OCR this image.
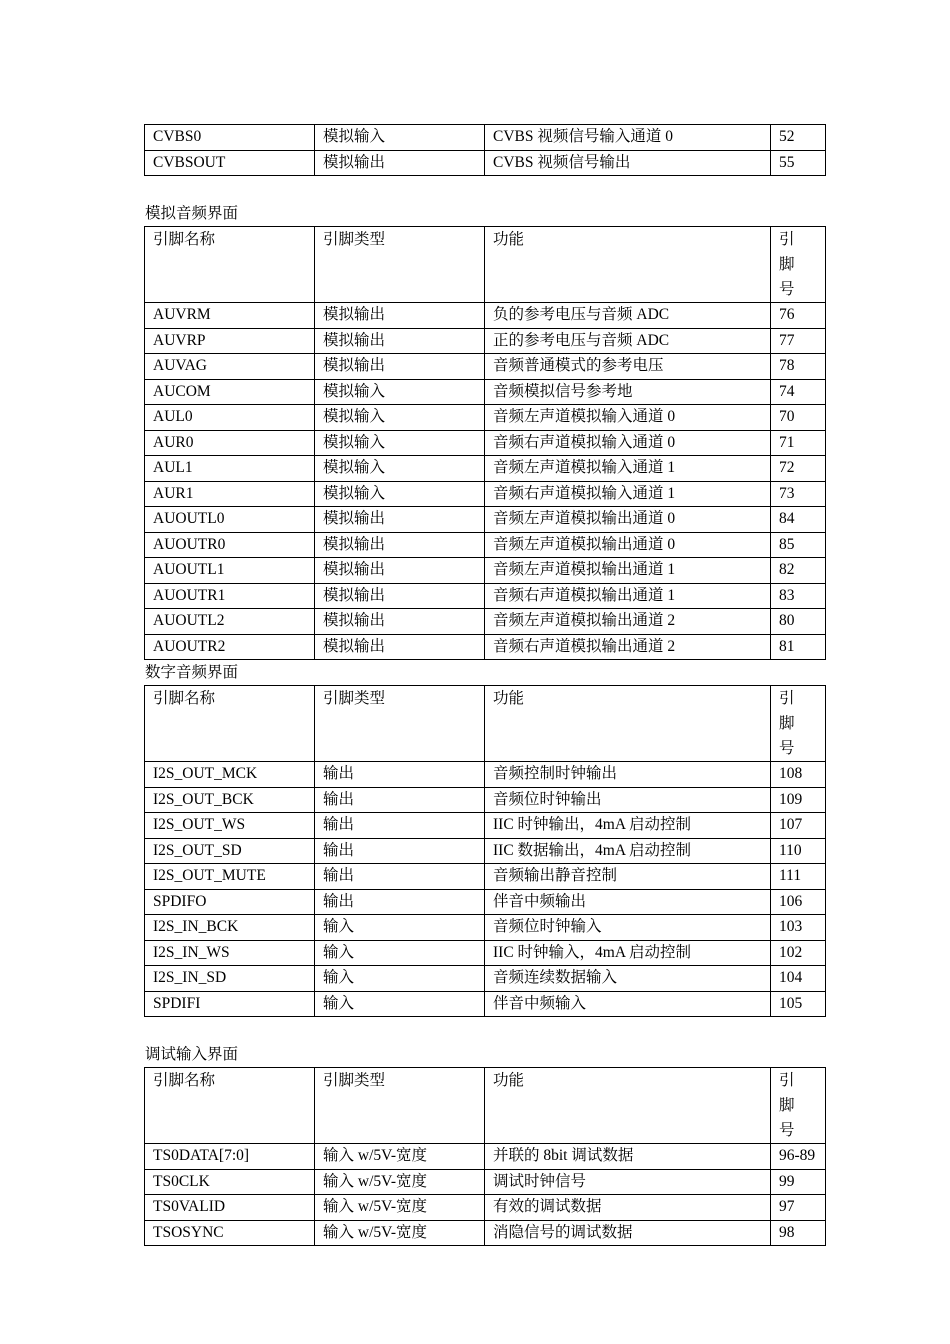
CVBS0	模拟输入	CVBS 视频信号输入通道 0	52
CVBSOUT	模拟输出	CVBS 视频信号输出	55
模拟音频界面
引脚名称	引脚类型	功能	引 脚 号
AUVRM	模拟输出	负的参考电压与音频 ADC	76
AUVRP	模拟输出	正的参考电压与音频 ADC	77
AUVAG	模拟输出	音频普通模式的参考电压	78
AUCOM	模拟输入	音频模拟信号参考地	74
AUL0	模拟输入	音频左声道模拟输入通道 0	70
AUR0	模拟输入	音频右声道模拟输入通道 0	71
AUL1	模拟输入	音频左声道模拟输入通道 1	72
AUR1	模拟输入	音频右声道模拟输入通道 1	73
AUOUTL0	模拟输出	音频左声道模拟输出通道 0	84
AUOUTR0	模拟输出	音频左声道模拟输出通道 0	85
AUOUTL1	模拟输出	音频左声道模拟输出通道 1	82
AUOUTR1	模拟输出	音频右声道模拟输出通道 1	83
AUOUTL2	模拟输出	音频左声道模拟输出通道 2	80
AUOUTR2	模拟输出	音频右声道模拟输出通道 2	81
数字音频界面
引脚名称	引脚类型	功能	引 脚 号
I2S_OUT_MCK	输出	音频控制时钟输出	108
I2S_OUT_BCK	输出	音频位时钟输出	109
I2S_OUT_WS	输出	IIC 时钟输出，4mA 启动控制	107
I2S_OUT_SD	输出	IIC 数据输出，4mA 启动控制	110
I2S_OUT_MUTE	输出	音频输出静音控制	111
SPDIFO	输出	伴音中频输出	106
I2S_IN_BCK	输入	音频位时钟输入	103
I2S_IN_WS	输入	IIC 时钟输入，4mA 启动控制	102
I2S_IN_SD	输入	音频连续数据输入	104
SPDIFI	输入	伴音中频输入	105
调试输入界面
引脚名称	引脚类型	功能	引 脚 号
TS0DATA[7:0]	输入 w/5V-宽度	并联的 8bit 调试数据	96-89
TS0CLK	输入 w/5V-宽度	调试时钟信号	99
TS0VALID	输入 w/5V-宽度	有效的调试数据	97
TSOSYNC	输入 w/5V-宽度	消隐信号的调试数据	98
